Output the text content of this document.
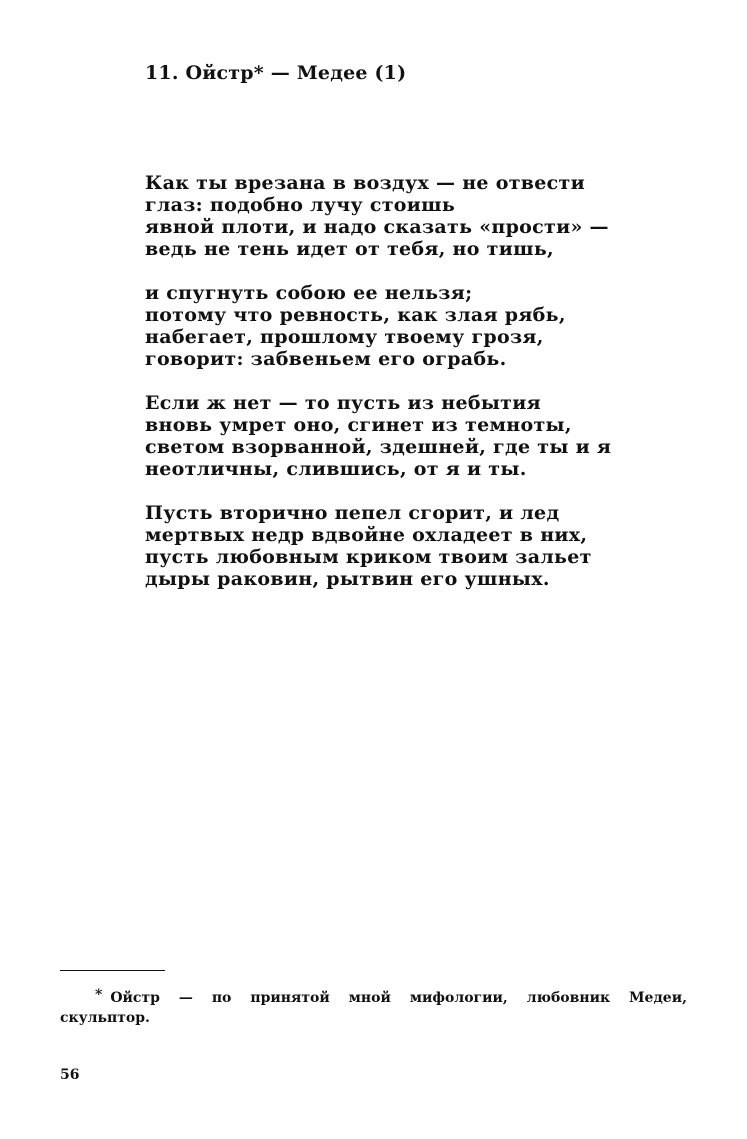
11. Ойстр* — Медее (1)

Как ты врезана в воздух — не отвести
глаз: подобно лучу стоишь
явной плоти, и надо сказать «прости» —
ведь не тень идет от тебя, но тишь,

и спугнуть собою ее нельзя;
потому что ревность, как злая рябь,
набегает, прошлому твоему грозя,
говорит: забвеньем его ограбь.

Если ж нет — то пусть из небытия
вновь умрет оно, сгинет из темноты,
светом взорванной, здешней, где ты и я
неотличны, слившись, от я и ты.

Пусть вторично пепел сгорит, и лед
мертвых недр вдвойне охладеет в них,
пусть любовным криком твоим зальет
дыры раковин, рытвин его ушных.

* Ойстр — по принятой мной мифологии, любовник Медеи,
скульптор.
56
